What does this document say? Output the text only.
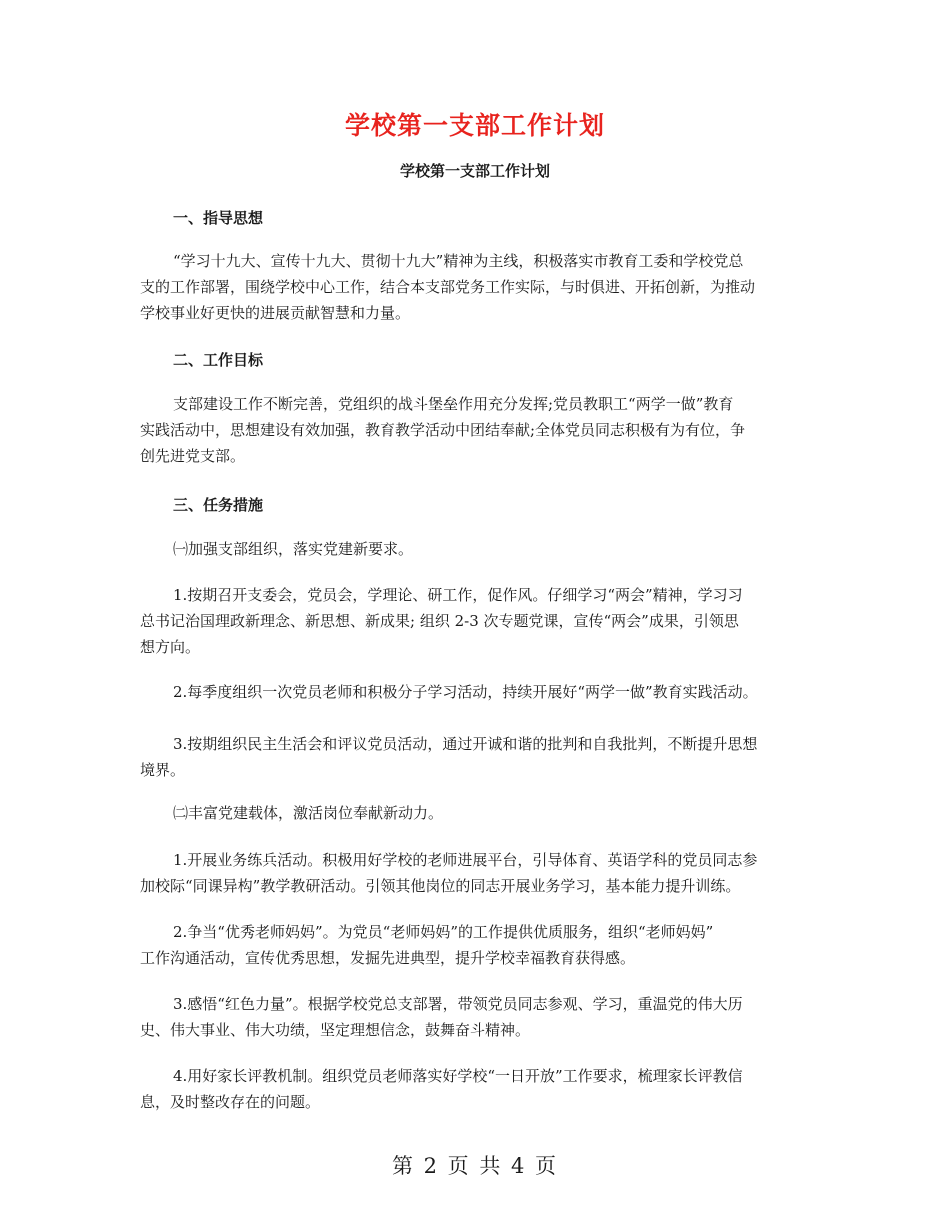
学校第一支部工作计划
学校第一支部工作计划
一、指导思想

“学习十九大、宣传十九大、贯彻十九大”精神为主线，积极落实市教育工委和学校党总
支的工作部署，围绕学校中心工作，结合本支部党务工作实际，与时俱进、开拓创新，为推动
学校事业好更快的进展贡献智慧和力量。

二、工作目标

支部建设工作不断完善，党组织的战斗堡垒作用充分发挥;党员教职工“两学一做”教育
实践活动中，思想建设有效加强，教育教学活动中团结奉献;全体党员同志积极有为有位，争
创先进党支部。

三、任务措施

㈠加强支部组织，落实党建新要求。

1.按期召开支委会，党员会，学理论、研工作，促作风。仔细学习“两会”精神，学习习
总书记治国理政新理念、新思想、新成果; 组织 2-3 次专题党课，宣传“两会”成果，引领思
想方向。

2.每季度组织一次党员老师和积极分子学习活动，持续开展好“两学一做”教育实践活动。

3.按期组织民主生活会和评议党员活动，通过开诚和谐的批判和自我批判，不断提升思想
境界。

㈡丰富党建载体，激活岗位奉献新动力。

1.开展业务练兵活动。积极用好学校的老师进展平台，引导体育、英语学科的党员同志参
加校际“同课异构”教学教研活动。引领其他岗位的同志开展业务学习，基本能力提升训练。

2.争当“优秀老师妈妈”。为党员“老师妈妈”的工作提供优质服务，组织“老师妈妈”
工作沟通活动，宣传优秀思想，发掘先进典型，提升学校幸福教育获得感。

3.感悟“红色力量”。根据学校党总支部署，带领党员同志参观、学习，重温党的伟大历
史、伟大事业、伟大功绩，坚定理想信念，鼓舞奋斗精神。

4.用好家长评教机制。组织党员老师落实好学校“一日开放”工作要求，梳理家长评教信
息，及时整改存在的问题。

第 2 页 共 4 页
